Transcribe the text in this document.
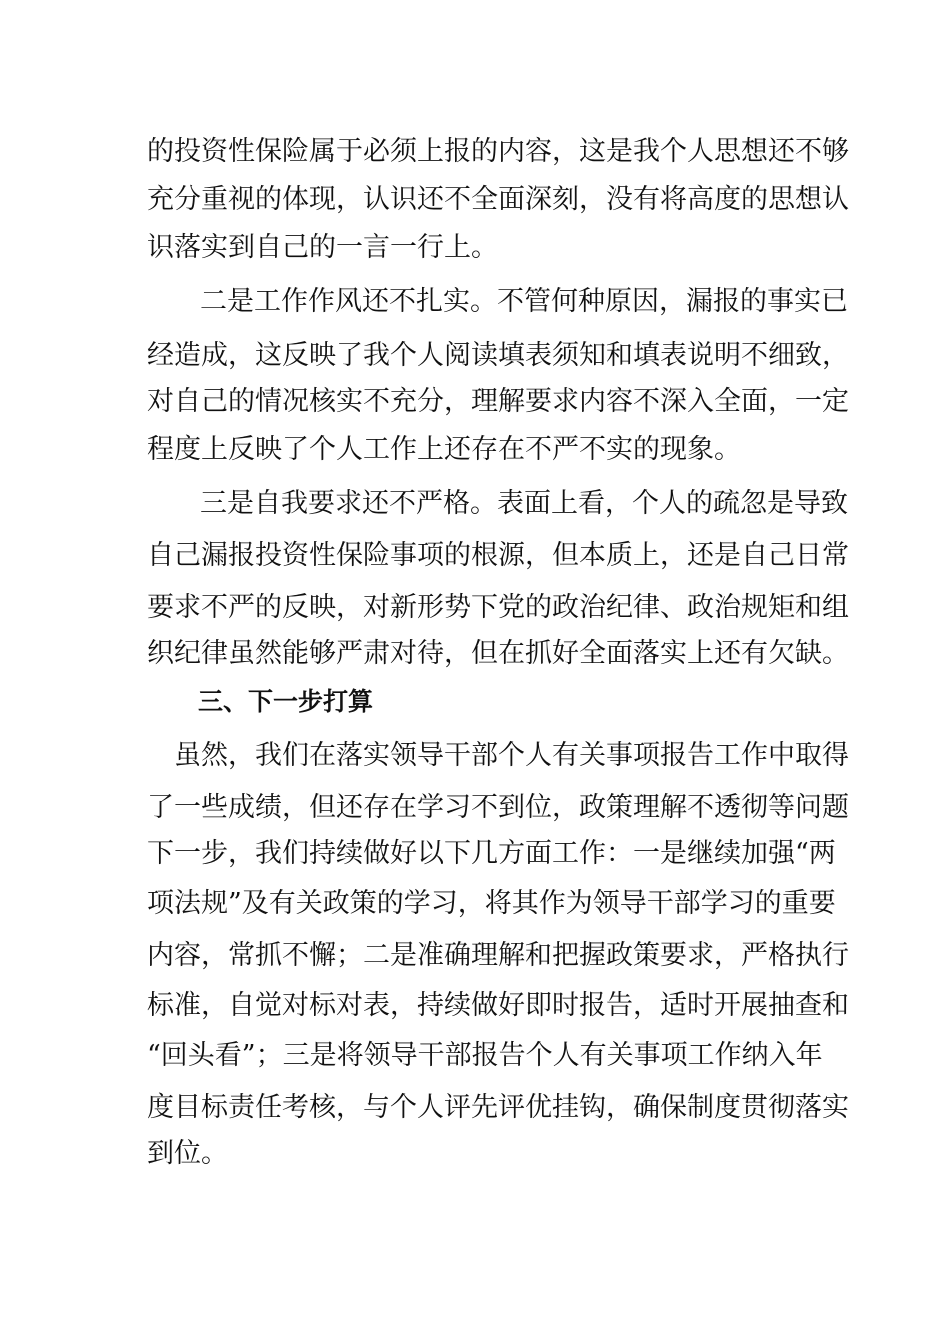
的投资性保险属于必须上报的内容，这是我个人思想还不够
充分重视的体现，认识还不全面深刻，没有将高度的思想认
识落实到自己的一言一行上。
二是工作作风还不扎实。不管何种原因，漏报的事实已
经造成，这反映了我个人阅读填表须知和填表说明不细致，
对自己的情况核实不充分，理解要求内容不深入全面，一定
程度上反映了个人工作上还存在不严不实的现象。
三是自我要求还不严格。表面上看，个人的疏忽是导致
自己漏报投资性保险事项的根源，但本质上，还是自己日常
要求不严的反映，对新形势下党的政治纪律、政治规矩和组
织纪律虽然能够严肃对待，但在抓好全面落实上还有欠缺。
三、下一步打算
虽然，我们在落实领导干部个人有关事项报告工作中取得
了一些成绩，但还存在学习不到位，政策理解不透彻等问题
下一步，我们持续做好以下几方面工作：一是继续加强“两
项法规”及有关政策的学习，将其作为领导干部学习的重要
内容，常抓不懈；二是准确理解和把握政策要求，严格执行
标准，自觉对标对表，持续做好即时报告，适时开展抽查和
“回头看”；三是将领导干部报告个人有关事项工作纳入年
度目标责任考核，与个人评先评优挂钩，确保制度贯彻落实
到位。
